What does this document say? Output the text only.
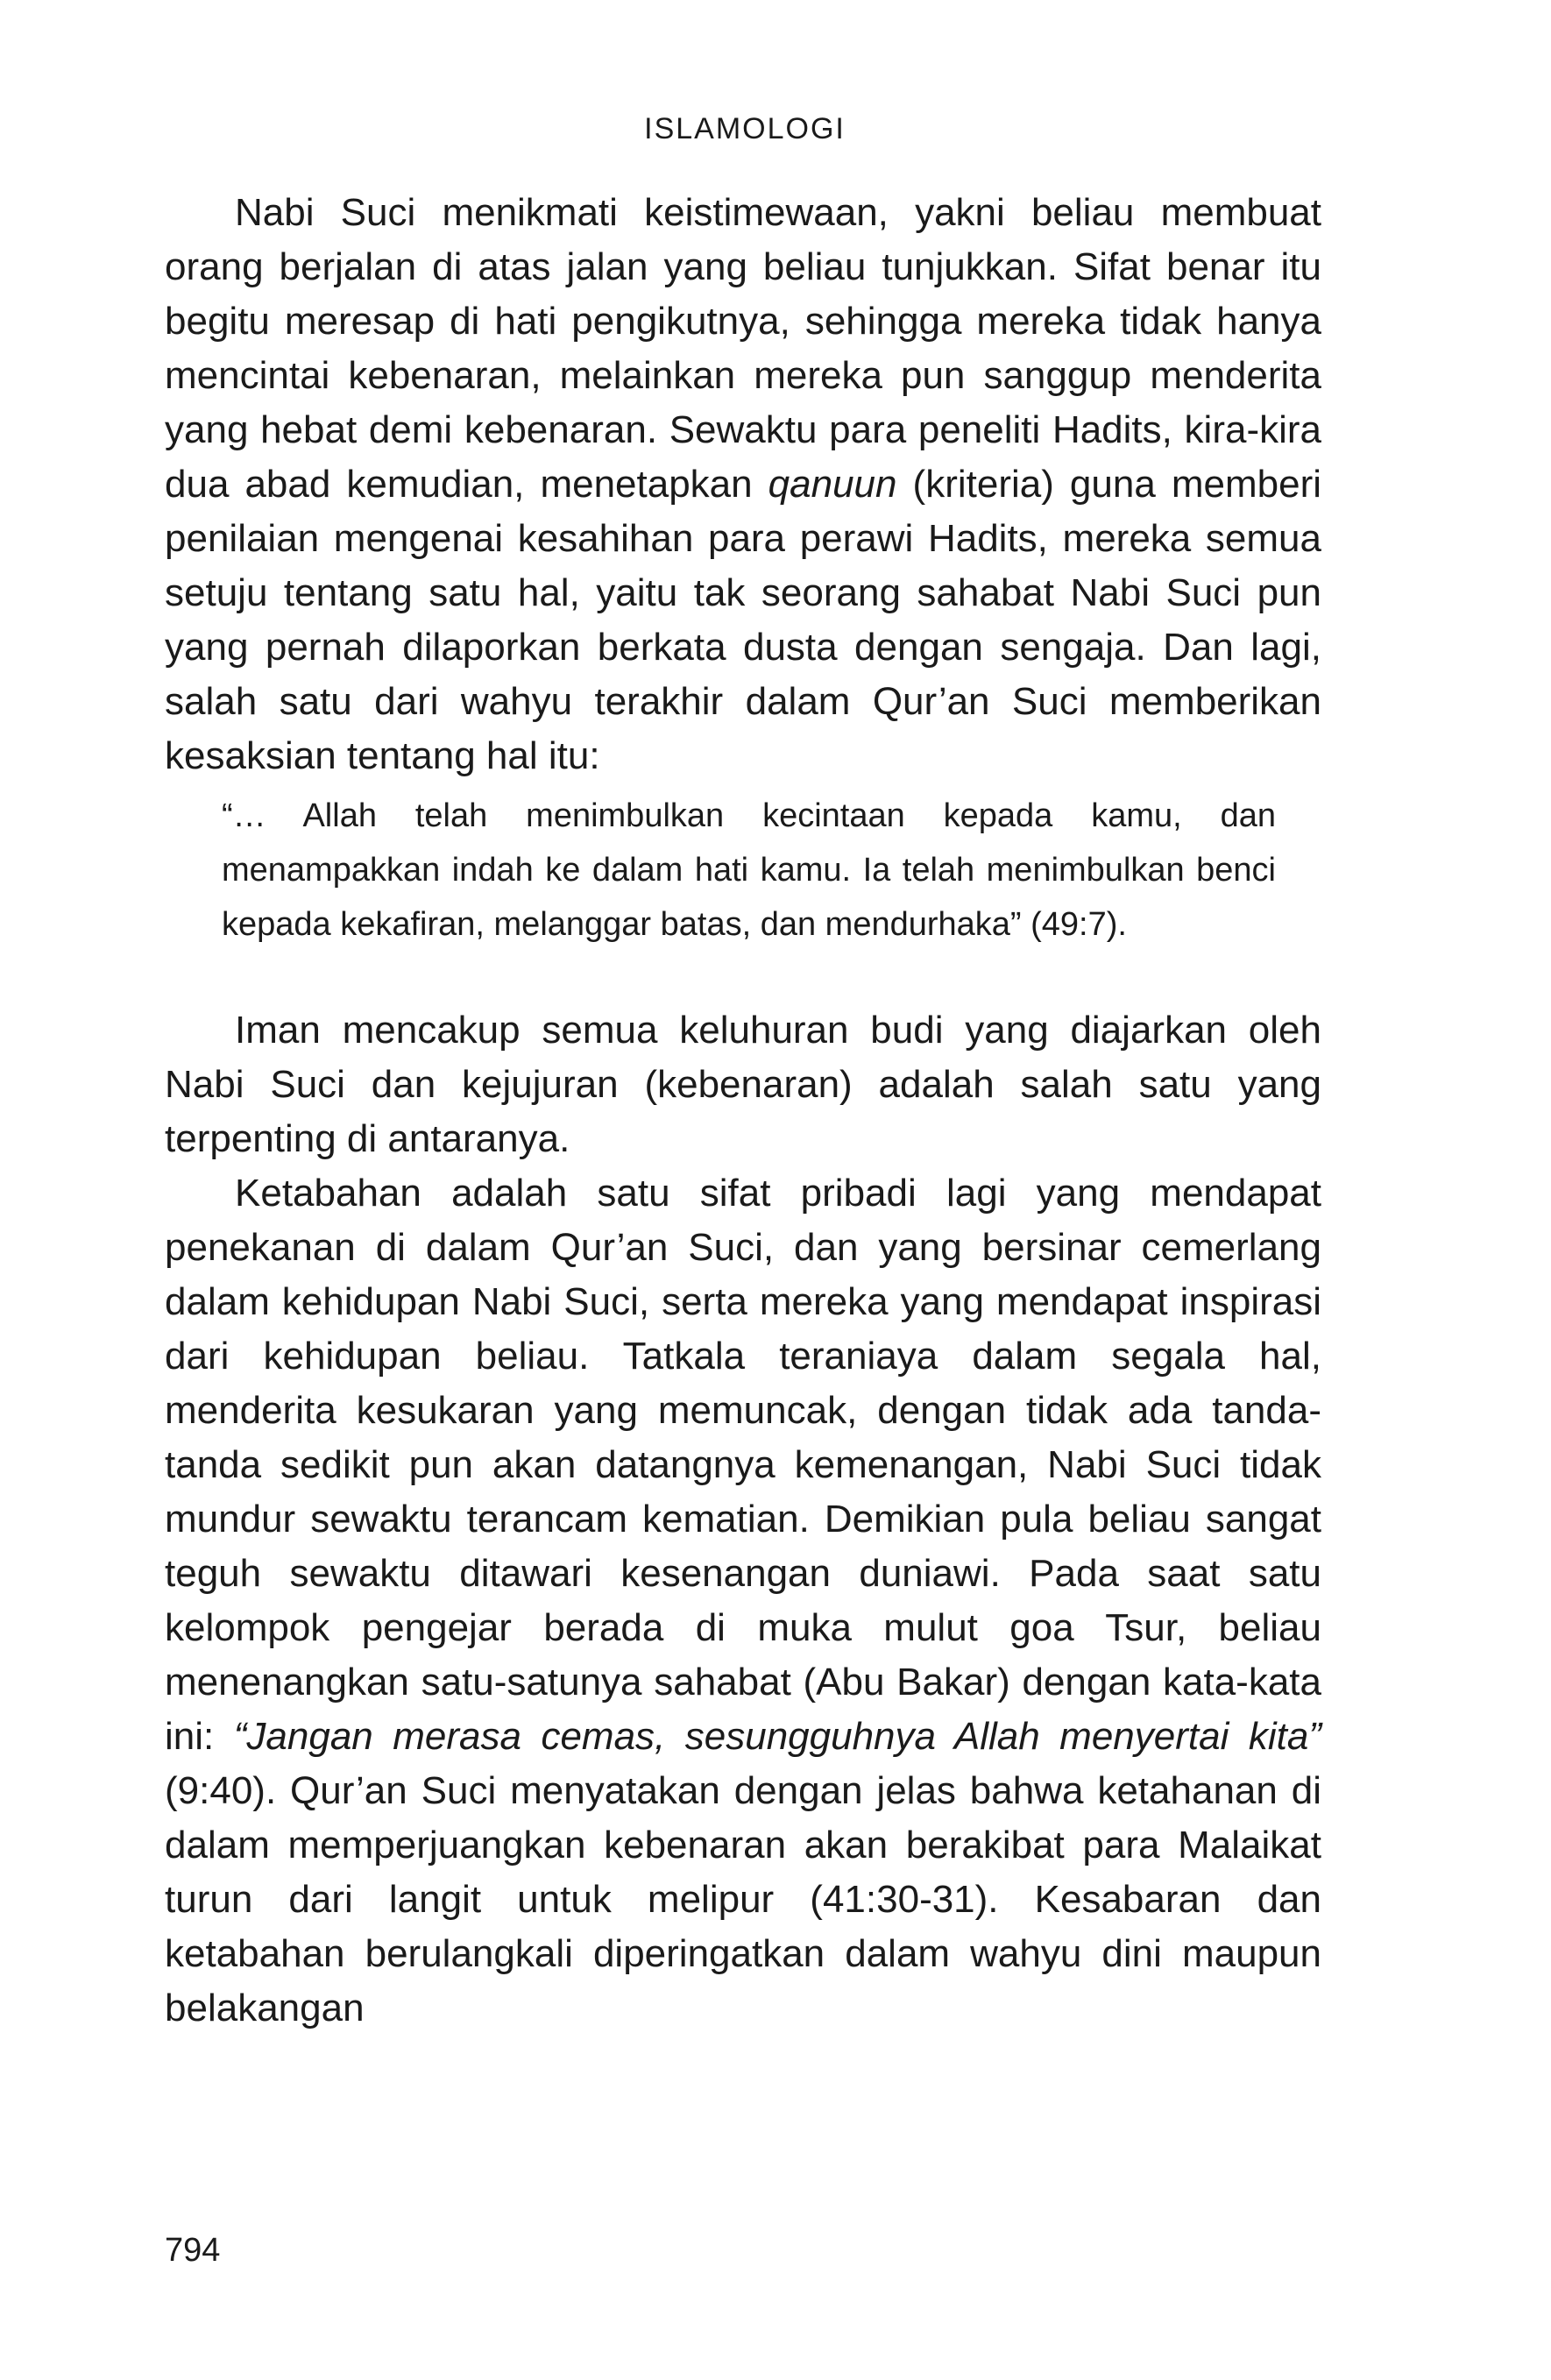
ISLAMOLOGI

Nabi Suci menikmati keistimewaan, yakni beliau membuat orang berjalan di atas jalan yang beliau tunjukkan. Sifat benar itu begitu meresap di hati pengikutnya, sehingga mereka tidak hanya mencintai kebenaran, melainkan mereka pun sanggup menderita yang hebat demi kebenaran. Sewaktu para peneliti Hadits, kira-kira dua abad kemudian, menetapkan qanuun (kriteria) guna memberi penilaian mengenai kesahihan para perawi Hadits, mereka semua setuju tentang satu hal, yaitu tak seorang sahabat Nabi Suci pun yang pernah dilaporkan berkata dusta dengan sengaja. Dan lagi, salah satu dari wahyu terakhir dalam Qur’an Suci memberikan kesaksian tentang hal itu:

“… Allah telah menimbulkan kecintaan kepada kamu, dan menampakkan indah ke dalam hati kamu. Ia telah menimbulkan benci kepada kekafiran, melanggar batas, dan mendurhaka” (49:7).

Iman mencakup semua keluhuran budi yang diajarkan oleh Nabi Suci dan kejujuran (kebenaran) adalah salah satu yang terpenting di antaranya.

Ketabahan adalah satu sifat pribadi lagi yang mendapat penekanan di dalam Qur’an Suci, dan yang bersinar cemerlang dalam kehidupan Nabi Suci, serta mereka yang mendapat inspirasi dari kehidupan beliau. Tatkala teraniaya dalam segala hal, menderita kesukaran yang memuncak, dengan tidak ada tanda-tanda sedikit pun akan datangnya kemenangan, Nabi Suci tidak mundur sewaktu terancam kematian. Demikian pula beliau sangat teguh sewaktu ditawari kesenangan duniawi. Pada saat satu kelompok pengejar berada di muka mulut goa Tsur, beliau menenangkan satu-satunya sahabat (Abu Bakar) dengan kata-kata ini: “Jangan merasa cemas, sesungguhnya Allah menyertai kita” (9:40). Qur’an Suci menyatakan dengan jelas bahwa ketahanan di dalam memperjuangkan kebenaran akan berakibat para Malaikat turun dari langit untuk melipur (41:30-31). Kesabaran dan ketabahan berulangkali diperingatkan dalam wahyu dini maupun belakangan

794
